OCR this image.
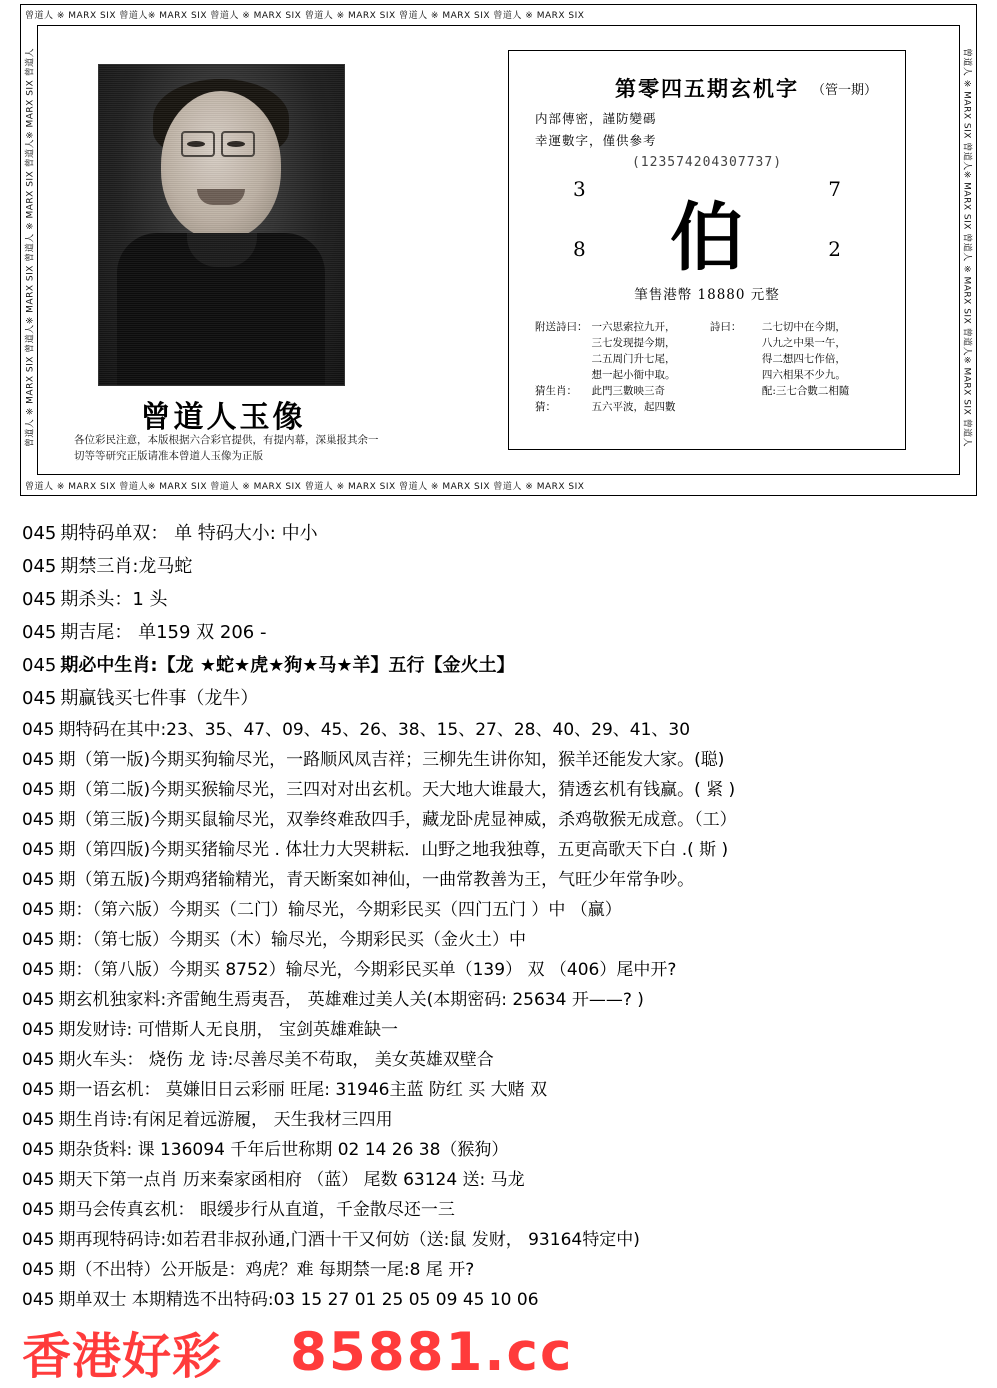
曾道人 ※ MARX SIX 曾道人※ MARX SIX 曾道人 ※ MARX SIX 曾道人 ※ MARX SIX 曾道人 ※ MARX SIX 曾道人 ※ MARX SIX
曾道人 ※ MARX SIX 曾道人※ MARX SIX 曾道人 ※ MARX SIX 曾道人 ※ MARX SIX 曾道人 ※ MARX SIX 曾道人 ※ MARX SIX
曾道人 ※ MARX SIX 曾道人※ MARX SIX 曾道人 ※ MARX SIX 曾道人※ MARX SIX 曾道人	曾道人 ※ MARX SIX 曾道人※ MARX SIX 曾道人 ※ MARX SIX 曾道人※ MARX SIX 曾道人
曾道人玉像
各位彩民注意，本版根据六合彩官提供，有提内幕，深巢报其余一切等等研究正版请准本曾道人玉像为正版
第零四五期玄机字 （管一期）
内部傳密，謹防變碼
幸運數字，僅供參考
(123574204307737)
3	7
8	2
伯
筆售港幣 18880 元整
附送詩曰：	一六思索拉九开，	詩曰：	二七切中在今期，
	三七发现提今期，		八九之中果一午，
	二五周门升七尾，		得二想四七作倍，
	想一起小衙中取。		四六相果不少九。
猜生肖：	此門三數映三奇		配:三七合數二相隨
猜：	五六平波，起四數		
045 期特码单双： 单 特码大小: 中小
045 期禁三肖:龙马蛇
045 期杀头：1 头
045 期吉尾： 单159 双 206 -
045 期必中生肖:【龙 ★蛇★虎★狗★马★羊】五行【金火土】
045 期赢钱买七件事（龙牛）
045 期特码在其中:23、35、47、09、45、26、38、15、27、28、40、29、41、30
045 期（第一版)今期买狗输尽光，一路顺风凤吉祥；三柳先生讲你知，猴羊还能发大家。(聪)
045 期（第二版)今期买猴输尽光，三四对对出玄机。天大地大谁最大，猜透玄机有钱赢。( 紧 )
045 期（第三版)今期买鼠输尽光，双拳终难敌四手，藏龙卧虎显神威，杀鸡敬猴无成意。（工）
045 期（第四版)今期买猪输尽光 . 体壮力大哭耕耘．山野之地我独尊，五更高歌天下白 .( 斯 )
045 期（第五版)今期鸡猪输精光，青天断案如神仙，一曲常教善为王，气旺少年常争吵。
045 期：（第六版）今期买（二门）输尽光，今期彩民买（四门五门 ）中 （赢）
045 期：（第七版）今期买（木）输尽光，今期彩民买（金火土）中
045 期：（第八版）今期买 8752）输尽光，今期彩民买单（139） 双 （406）尾中开?
045 期玄机独家料:齐雷鲍生焉夷吾， 英雄难过美人关(本期密码: 25634 开——? )
045 期发财诗: 可惜斯人无良朋， 宝剑英雄难缺一
045 期火车头： 烧伤 龙 诗:尽善尽美不苟取， 美女英雄双壁合
045 期一语玄机： 莫嫌旧日云彩丽 旺尾: 31946主蓝 防红 买 大赌 双
045 期生肖诗:有闲足着远游履， 天生我材三四用
045 期杂货料: 课 136094 千年后世称期 02 14 26 38（猴狗）
045 期天下第一点肖 历来秦家函相府 （蓝） 尾数 63124 送: 马龙
045 期马会传真玄机： 眼缓步行从直道，千金散尽还一三
045 期再现特码诗:如若君非叔孙通,门酒十干又何妨（送:鼠 发财， 93164特定中)
045 期（不出特）公开版是：鸡虎？难 每期禁一尾:8 尾 开?
045 期单双士 本期精选不出特码:03 15 27 01 25 05 09 45 10 06
香港好彩 85881.cc
